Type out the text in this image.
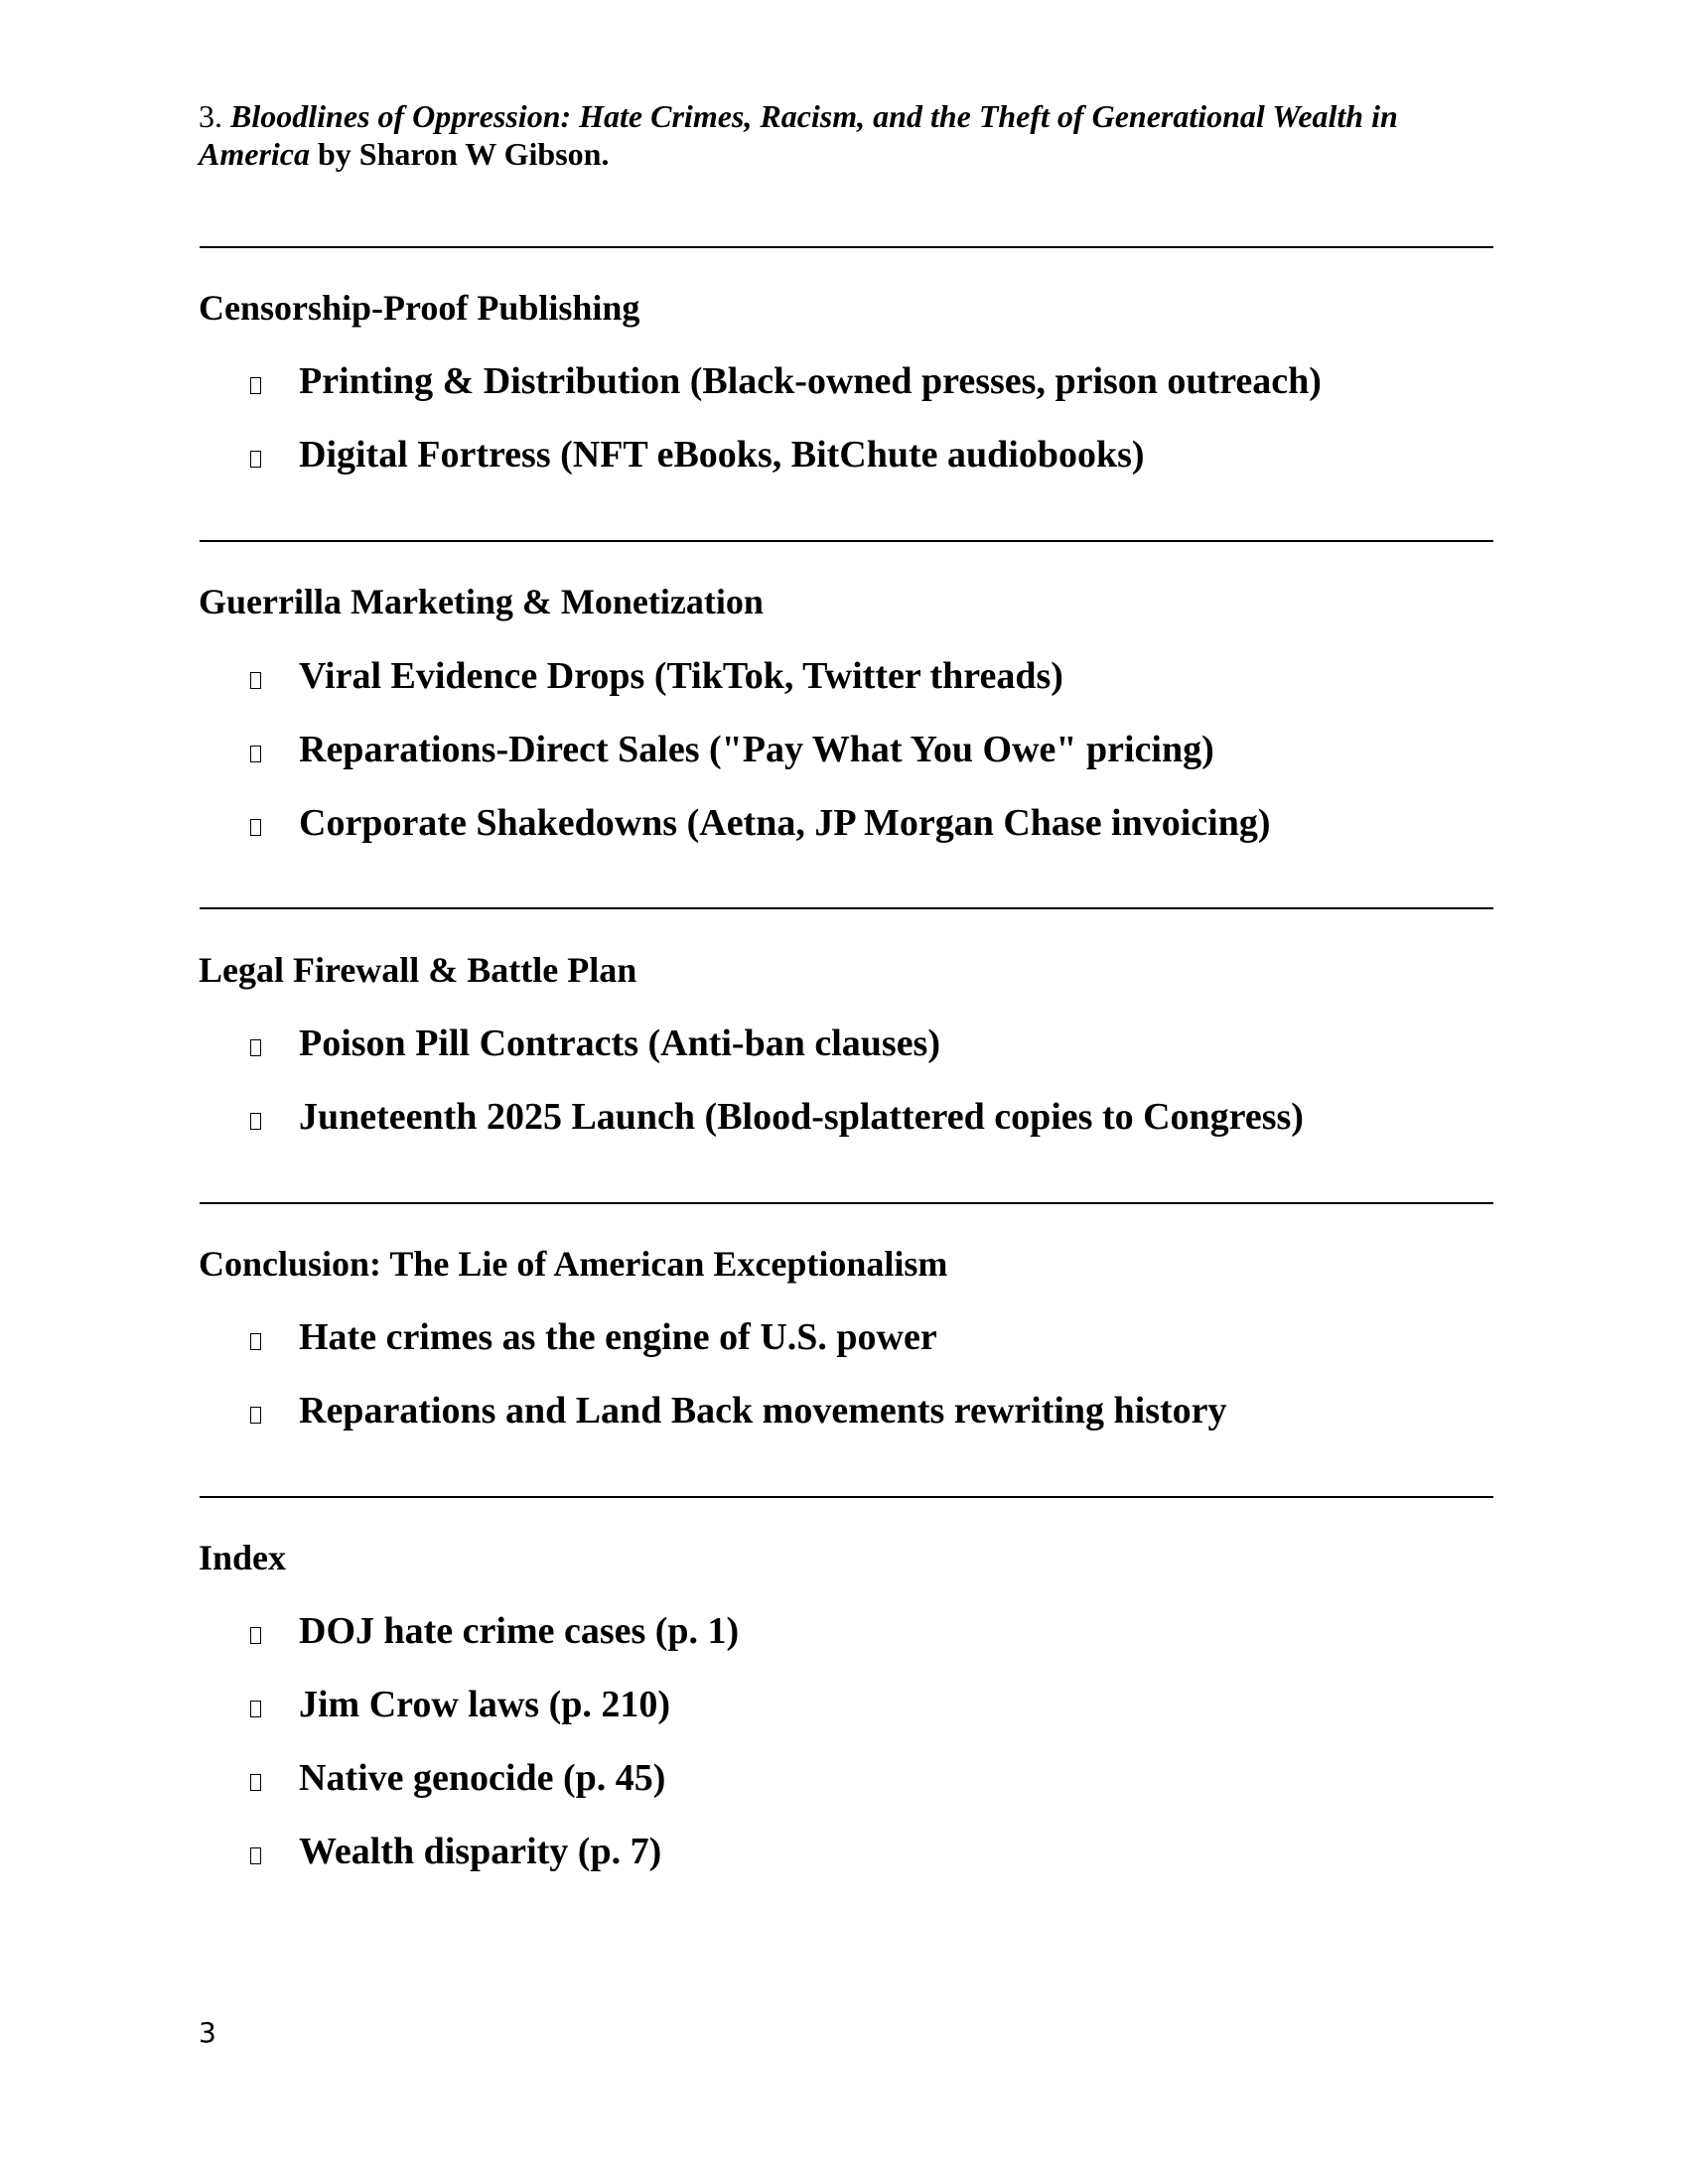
3. Bloodlines of Oppression: Hate Crimes, Racism, and the Theft of Generational Wealth in America by Sharon W Gibson.
Censorship-Proof Publishing
Printing & Distribution (Black-owned presses, prison outreach)
Digital Fortress (NFT eBooks, BitChute audiobooks)
Guerrilla Marketing & Monetization
Viral Evidence Drops (TikTok, Twitter threads)
Reparations-Direct Sales ("Pay What You Owe" pricing)
Corporate Shakedowns (Aetna, JP Morgan Chase invoicing)
Legal Firewall & Battle Plan
Poison Pill Contracts (Anti-ban clauses)
Juneteenth 2025 Launch (Blood-splattered copies to Congress)
Conclusion: The Lie of American Exceptionalism
Hate crimes as the engine of U.S. power
Reparations and Land Back movements rewriting history
Index
DOJ hate crime cases (p. 1)
Jim Crow laws (p. 210)
Native genocide (p. 45)
Wealth disparity (p. 7)
3
